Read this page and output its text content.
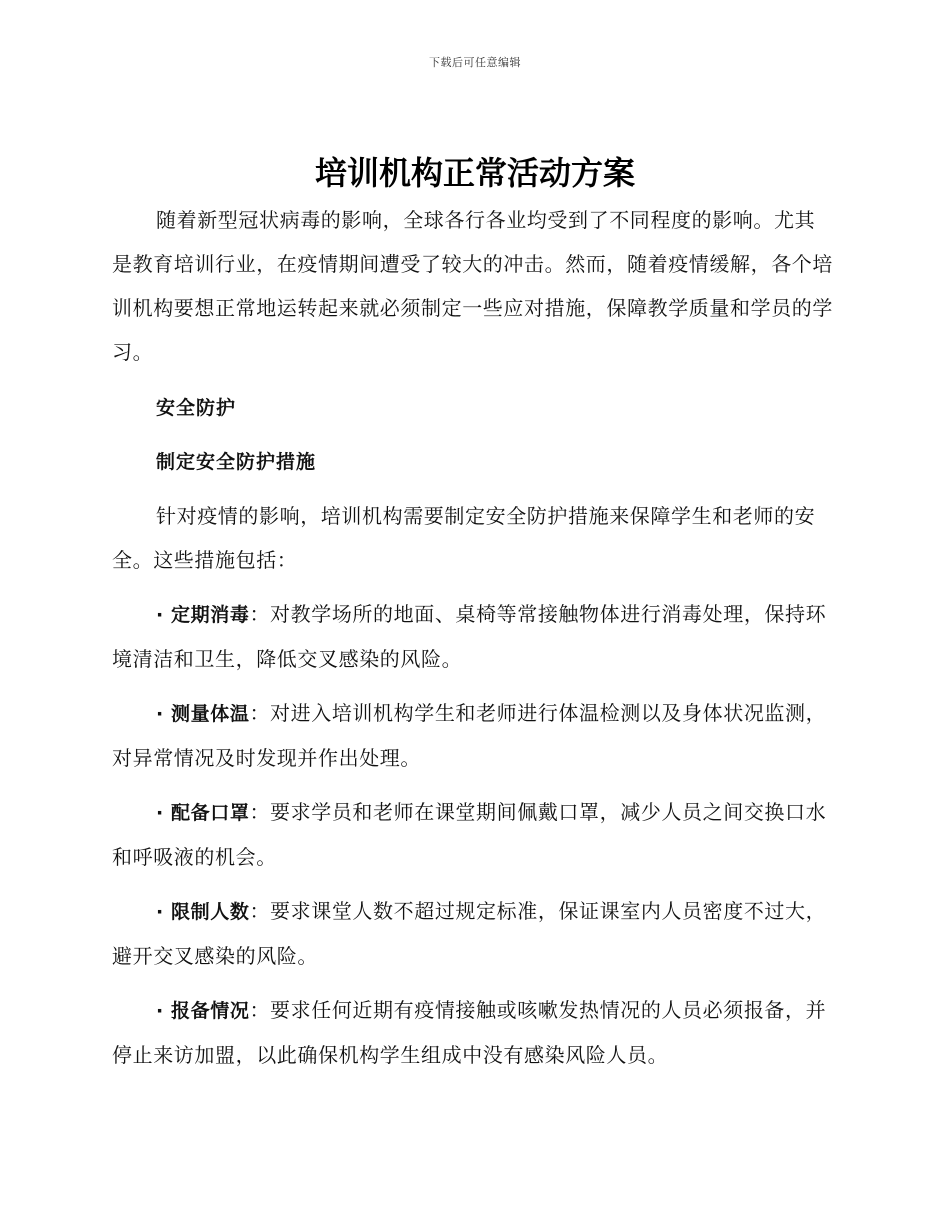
下载后可任意编辑
培训机构正常活动方案

随着新型冠状病毒的影响，全球各行各业均受到了不同程度的影响。尤其是教育培训行业，在疫情期间遭受了较大的冲击。然而，随着疫情缓解，各个培训机构要想正常地运转起来就必须制定一些应对措施，保障教学质量和学员的学习。

安全防护

制定安全防护措施

针对疫情的影响，培训机构需要制定安全防护措施来保障学生和老师的安全。这些措施包括：

· 定期消毒：对教学场所的地面、桌椅等常接触物体进行消毒处理，保持环境清洁和卫生，降低交叉感染的风险。

· 测量体温：对进入培训机构学生和老师进行体温检测以及身体状况监测，对异常情况及时发现并作出处理。

· 配备口罩：要求学员和老师在课堂期间佩戴口罩，减少人员之间交换口水和呼吸液的机会。

· 限制人数：要求课堂人数不超过规定标准，保证课室内人员密度不过大，避开交叉感染的风险。

· 报备情况：要求任何近期有疫情接触或咳嗽发热情况的人员必须报备，并停止来访加盟，以此确保机构学生组成中没有感染风险人员。
